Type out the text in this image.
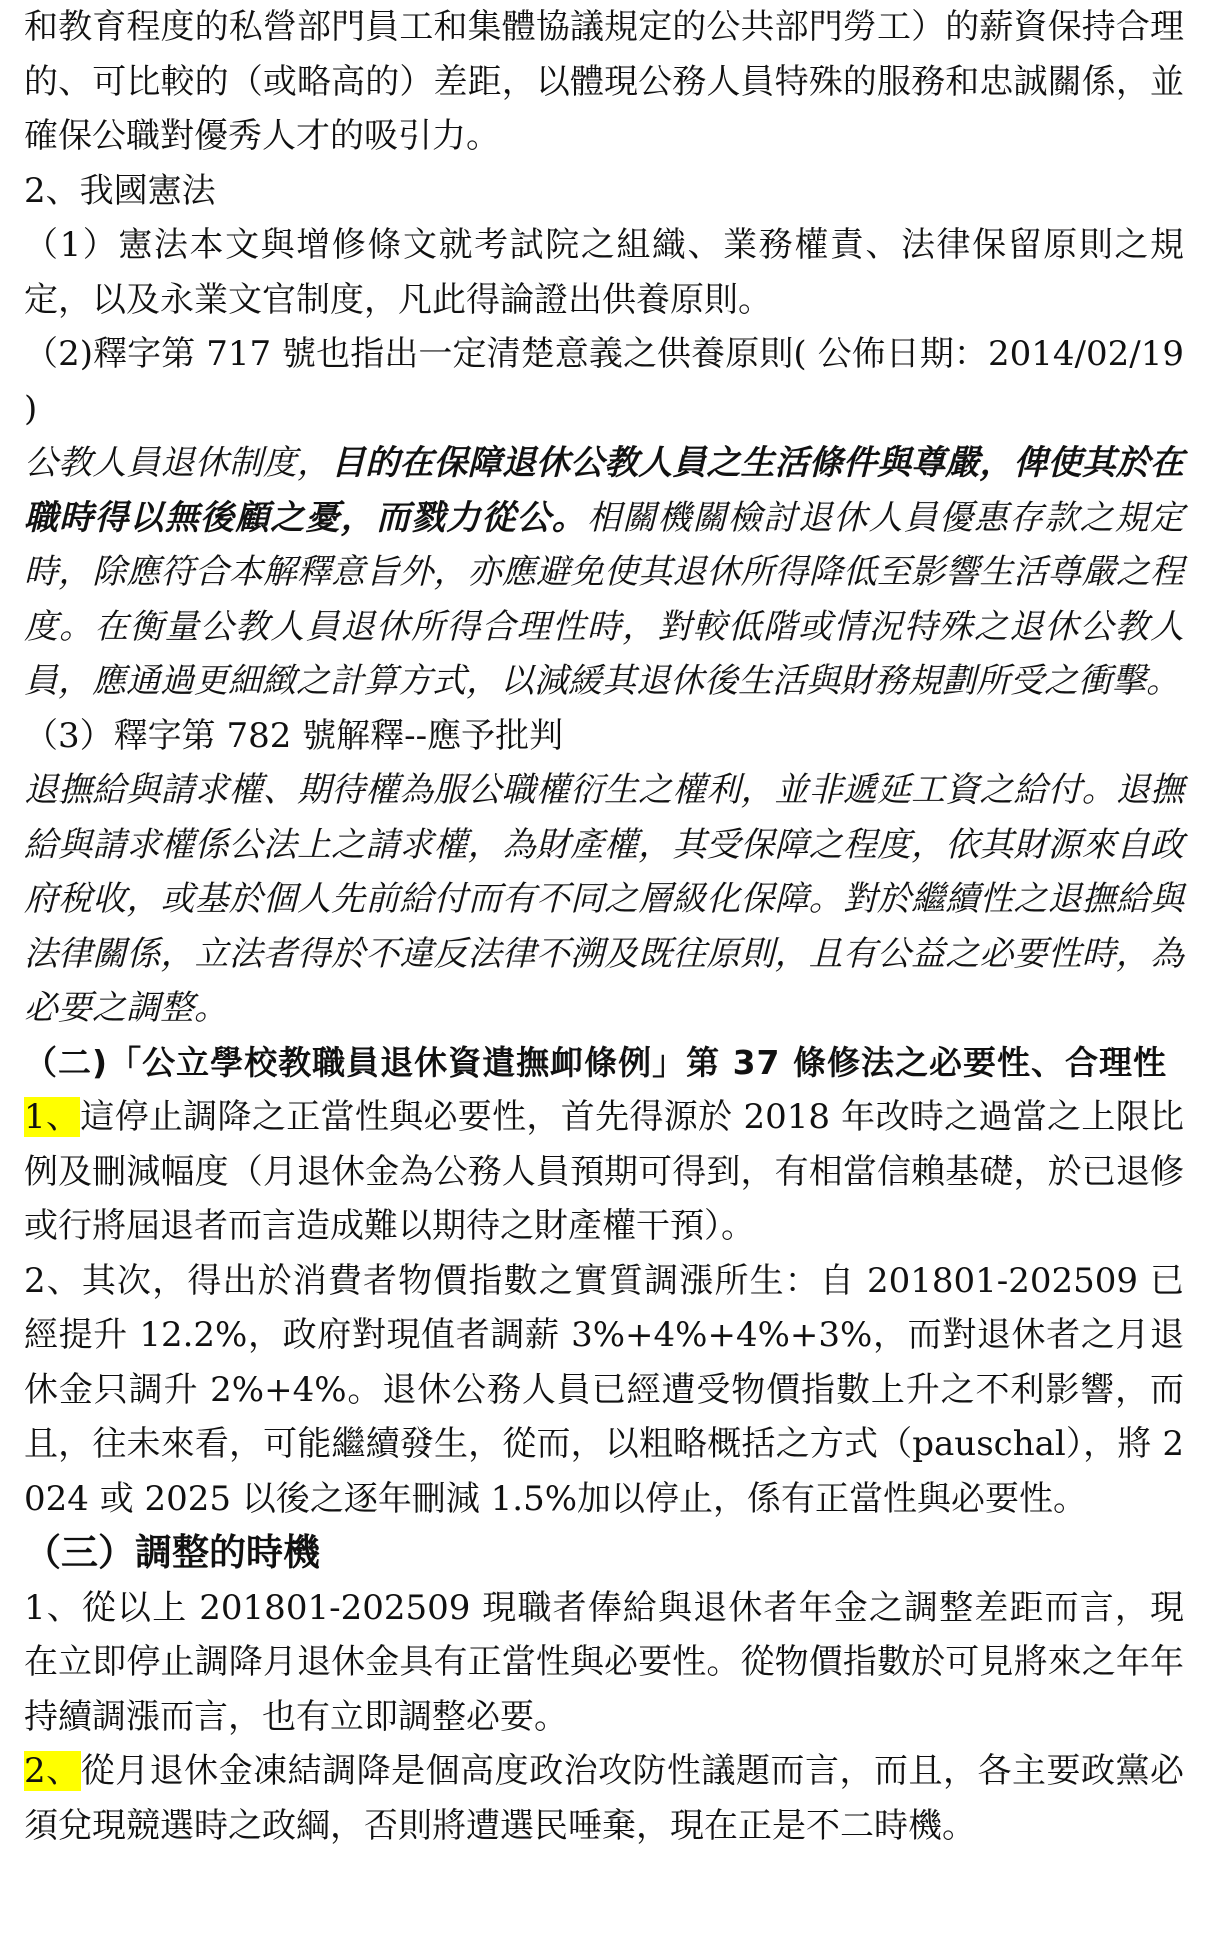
和教育程度的私營部門員工和集體協議規定的公共部門勞工）的薪資保持合理的、可比較的（或略高的）差距，以體現公務人員特殊的服務和忠誠關係，並確保公職對優秀人才的吸引力。

2、我國憲法

（1）憲法本文與增修條文就考試院之組織、業務權責、法律保留原則之規定，以及永業文官制度，凡此得論證出供養原則。

（2)釋字第 717 號也指出一定清楚意義之供養原則( 公佈日期：2014/02/19 )

公教人員退休制度，目的在保障退休公教人員之生活條件與尊嚴，俾使其於在職時得以無後顧之憂，而戮力從公。相關機關檢討退休人員優惠存款之規定時，除應符合本解釋意旨外，亦應避免使其退休所得降低至影響生活尊嚴之程度。在衡量公教人員退休所得合理性時，對較低階或情況特殊之退休公教人員，應通過更細緻之計算方式，以減緩其退休後生活與財務規劃所受之衝擊。

（3）釋字第 782 號解釋--應予批判

退撫給與請求權、期待權為服公職權衍生之權利，並非遞延工資之給付。退撫給與請求權係公法上之請求權，為財產權，其受保障之程度，依其財源來自政府稅收，或基於個人先前給付而有不同之層級化保障。對於繼續性之退撫給與法律關係，立法者得於不違反法律不溯及既往原則，且有公益之必要性時，為必要之調整。

（二)「公立學校教職員退休資遣撫卹條例」第 37 條修法之必要性、合理性

1、這停止調降之正當性與必要性，首先得源於 2018 年改時之過當之上限比例及刪減幅度（月退休金為公務人員預期可得到，有相當信賴基礎，於已退修或行將屆退者而言造成難以期待之財產權干預）。

2、其次，得出於消費者物價指數之實質調漲所生：自 201801-202509 已經提升 12.2%，政府對現值者調薪 3%+4%+4%+3%，而對退休者之月退休金只調升 2%+4%。退休公務人員已經遭受物價指數上升之不利影響，而且，往未來看，可能繼續發生，從而，以粗略概括之方式（pauschal），將 2024 或 2025 以後之逐年刪減 1.5%加以停止，係有正當性與必要性。

（三）調整的時機

1、從以上 201801-202509 現職者俸給與退休者年金之調整差距而言，現在立即停止調降月退休金具有正當性與必要性。從物價指數於可見將來之年年持續調漲而言，也有立即調整必要。

2、從月退休金凍結調降是個高度政治攻防性議題而言，而且，各主要政黨必須兌現競選時之政綱，否則將遭選民唾棄，現在正是不二時機。
